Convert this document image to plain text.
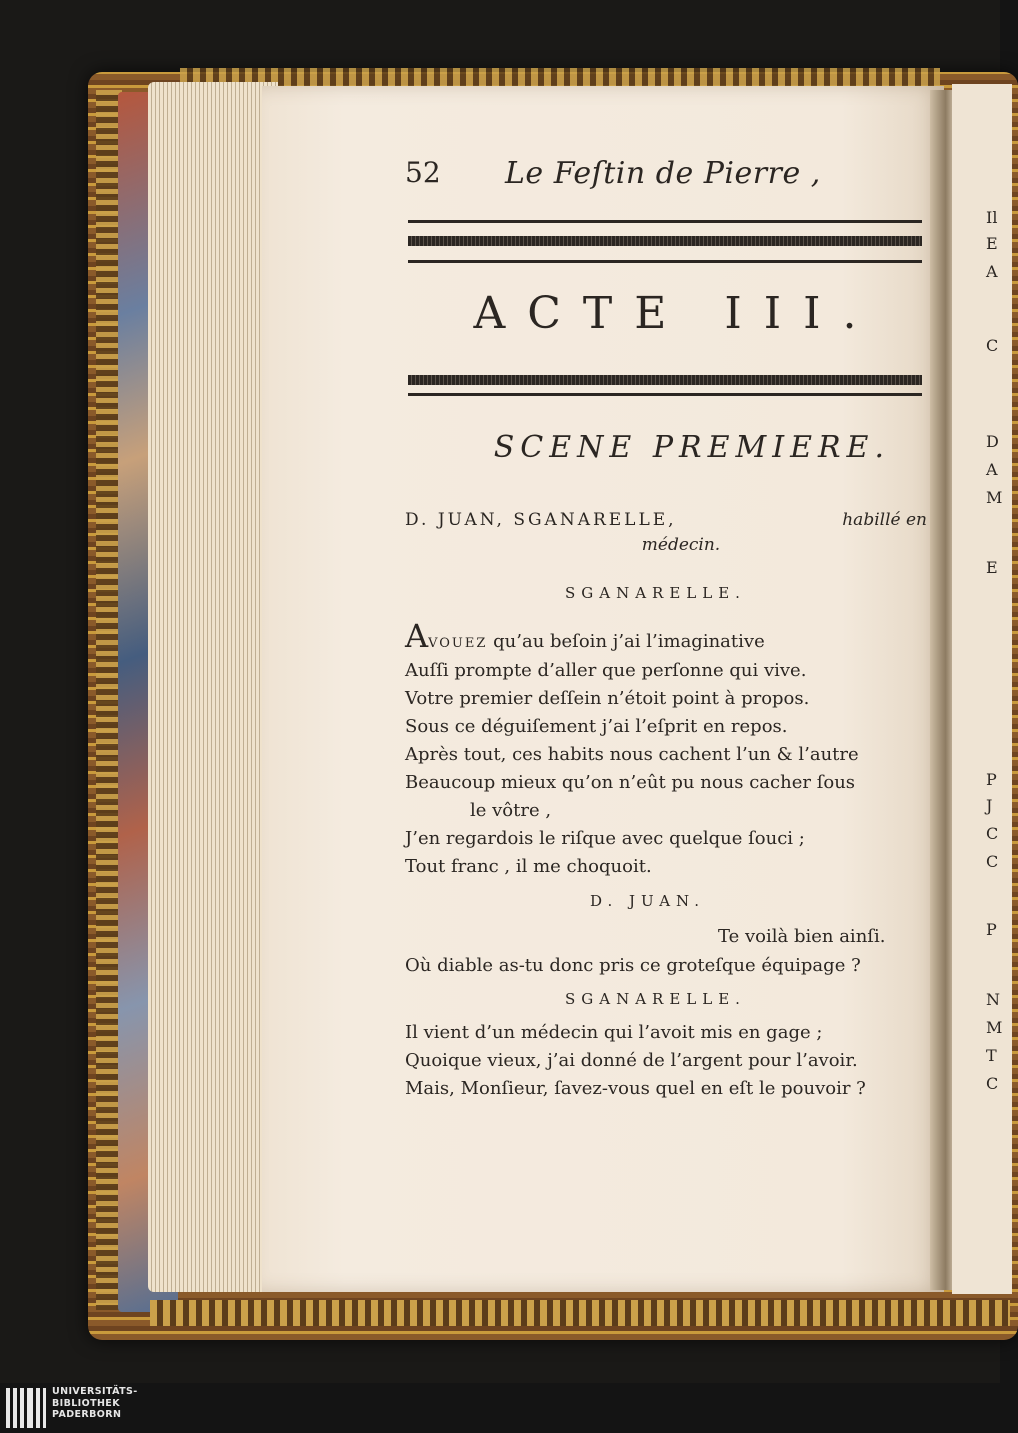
Il
E
A
C
D
A
M
E
P
J
C
C
P
N
M
T
C
52 Le Feſtin de Pierre ,
ACTE III.
SCENE PREMIERE.
D. JUAN, SGANARELLE,	habillé en
médecin.
SGANARELLE.
AVOUEZ qu’au beſoin j’ai l’imaginative
Auſſi prompte d’aller que perſonne qui vive.
Votre premier deſſein n’étoit point à propos.
Sous ce déguiſement j’ai l’eſprit en repos.
Après tout, ces habits nous cachent l’un & l’autre
Beaucoup mieux qu’on n’eût pu nous cacher ſous
le vôtre ,
J’en regardois le riſque avec quelque ſouci ;
Tout franc , il me choquoit.
D. JUAN.
Te voilà bien ainſi.
Où diable as-tu donc pris ce groteſque équipage ?
SGANARELLE.
Il vient d’un médecin qui l’avoit mis en gage ;
Quoique vieux, j’ai donné de l’argent pour l’avoir.
Mais, Monſieur, ſavez-vous quel en eſt le pouvoir ?
UNIVERSITÄTS-
BIBLIOTHEK
PADERBORN
